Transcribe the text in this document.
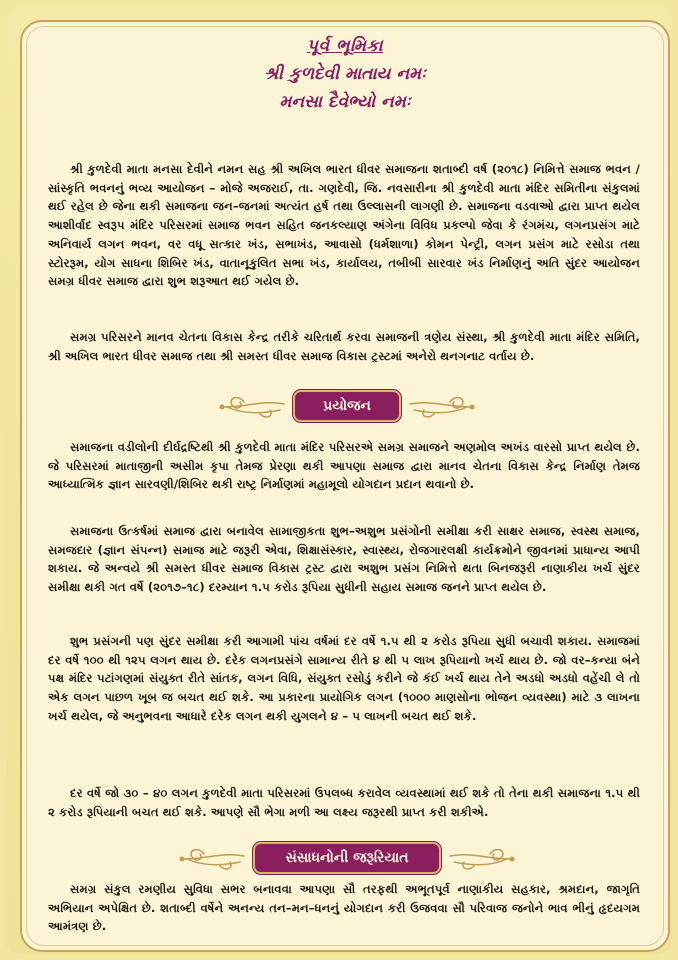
પૂર્વ ભૂમિકા
શ્રી કુળદેવી માતાય નમઃ
મનસા દૈવેભ્યો નમઃ
શ્રી કુળદેવી માતા મનસા દેવીને નમન સહ શ્રી અખિલ ભારત ધીવર સમાજના શતાબ્દી વર્ષ (૨૦૧૮) નિમિત્તે સમાજ ભવન / સાંસ્કૃતિ ભવનનું ભવ્ય આયોજન – મોજે અજરાઈ, તા. ગણદેવી, જિ. નવસારીના શ્રી કુળદેવી માતા મંદિર સમિતીના સંકુલમાં થઈ રહેલ છે જેના થકી સમાજના જન–જનમાં અત્યંત હર્ષ તથા ઉલ્લાસની લાગણી છે. સમાજના વડવાઓ દ્વારા પ્રાપ્ત થયેલ આશીર્વાદ સ્વરૂપ મંદિર પરિસરમાં સમાજ ભવન સહિત જનકલ્યાણ અંગેના વિવિધ પ્રકલ્પો જેવા કે રંગમંચ, લગનપ્રસંગ માટે અનિવાર્ય લગન ભવન, વર વધૂ સત્કાર ખંડ, સભાખંડ, આવાસો (ધર્મશાળા) કોમન પેન્ટ્રી, લગન પ્રસંગ માટે રસોડા તથા સ્ટોરરૂમ, યોગ સાધના શિબિર ખંડ, વાતાનૂકુલિત સભા ખંડ, કાર્યાલય, તબીબી સારવાર ખંડ નિર્માણનું અતિ સુંદર આયોજન સમગ્ર ધીવર સમાજ દ્વારા શુભ શરૂઆત થઈ ગયેલ છે.
સમગ્ર પરિસરને માનવ ચેતના વિકાસ કેન્દ્ર તરીકે ચરિતાર્થ કરવા સમાજની ત્રણેય સંસ્થા, શ્રી કુળદેવી માતા મંદિર સમિતિ, શ્રી અખિલ ભારત ધીવર સમાજ તથા શ્રી સમસ્ત ધીવર સમાજ વિકાસ ટ્રસ્ટમાં અનેરો થનગનાટ વર્તાય છે.
પ્રયોજન
સમાજના વડીલોની દીર્ઘદ્રષ્ટિથી શ્રી કુળદેવી માતા મંદિર પરિસરએ સમગ્ર સમાજને અણમોલ અખંડ વારસો પ્રાપ્ત થયેલ છે. જે પરિસરમાં માતાજીની અસીમ કૃપા તેમજ પ્રેરણા થકી આપણા સમાજ દ્વારા માનવ ચેતના વિકાસ કેન્દ્ર નિર્માણ તેમજ આધ્યાત્મિક જ્ઞાન સારવણી/શિબિર થકી રાષ્ટ્ર નિર્માણમાં મહામૂલો યોગદાન પ્રદાન થવાનો છે.
સમાજના ઉત્કર્ષમાં સમાજ દ્વારા બનાવેલ સામાજીકતા શુભ–અશુભ પ્રસંગોની સમીક્ષા કરી સાક્ષર સમાજ, સ્વસ્થ સમાજ, સમજદાર (જ્ઞાન સંપન્ન) સમાજ માટે જરૂરી એવા, શિક્ષાસંસ્કાર, સ્વાસ્થ્ય, રોજગારલક્ષી કાર્યક્રમોને જીવનમાં પ્રાધાન્ય આપી શકાય. જે અન્વયે શ્રી સમસ્ત ધીવર સમાજ વિકાસ ટ્રસ્ટ દ્વારા અશુભ પ્રસંગ નિમિત્તે થતા બિનજરૂરી નાણાકીય ખર્ચ સુંદર સમીક્ષા થકી ગત વર્ષે (૨૦૧૭–૧૮) દરમ્યાન ૧.૫ કરોડ રૂપિયા સુધીની સહાય સમાજ જનને પ્રાપ્ત થયેલ છે.
શુભ પ્રસંગની પણ સુંદર સમીક્ષા કરી આગામી પાંચ વર્ષમાં દર વર્ષે ૧.૫ થી ૨ કરોડ રૂપિયા સુધી બચાવી શકાય. સમાજમાં દર વર્ષે ૧૦૦ થી ૧૨૫ લગન થાય છે. દરેક લગનપ્રસંગે સામાન્ય રીતે ૪ થી ૫ લાખ રૂપિયાનો ખર્ચ થાય છે. જો વર–કન્યા બંને પક્ષ મંદિર પટાંગણમાં સંયુક્ત રીતે સાંતક, લગન વિધિ, સંયુક્ત રસોડું કરીને જે કંઈ ખર્ચ થાય તેને અડધો અડધો વહેંચી લે તો એક લગન પાછળ ખૂબ જ બચત થઈ શકે. આ પ્રકારના પ્રાયોગિક લગન (૧૦૦૦ માણસોના ભોજન વ્યવસ્થા) માટે ૩ લાખના ખર્ચ થયેલ, જે અનુભવના આધારે દરેક લગન થકી યુગલને ૪ – ૫ લાખની બચત થઈ શકે.
દર વર્ષે જો ૩૦ – ૪૦ લગન કુળદેવી માતા પરિસરમાં ઉપલબ્ધ કરાવેલ વ્યવસ્થામાં થઈ શકે તો તેના થકી સમાજના ૧.૫ થી ૨ કરોડ રૂપિયાની બચત થઈ શકે. આપણે સૌ ભેગા મળી આ લક્ષ્ય જરૂરથી પ્રાપ્ત કરી શકીએ.
સંસાધનોની જરૂરિયાત
સમગ્ર સંકુલ રમણીય સુવિધા સભર બનાવવા આપણા સૌ તરફથી અભૂતપૂર્વ નાણાકીય સહકાર, શ્રમદાન, જાગૃતિ અભિયાન અપેક્ષિત છે. શતાબ્દી વર્ષેને અનન્ય તન–મન–ધનનું યોગદાન કરી ઉજવવા સૌ પરિવાજ જનોને ભાવ ભીનું હૃદયગમ આમંત્રણ છે.
